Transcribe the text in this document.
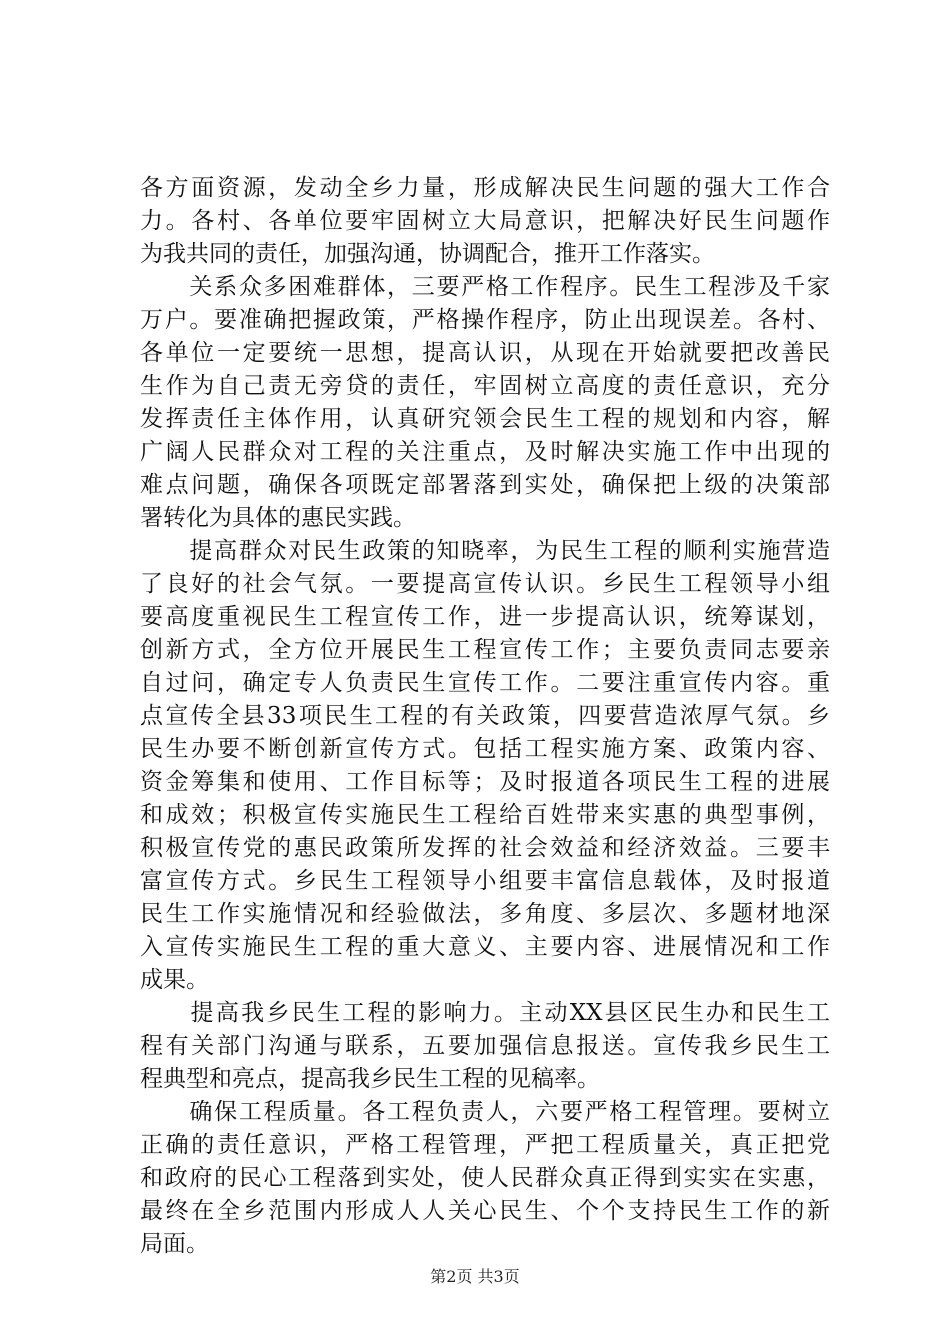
各方面资源，发动全乡力量，形成解决民生问题的强大工作合
力。各村、各单位要牢固树立大局意识，把解决好民生问题作
为我共同的责任，加强沟通，协调配合，推开工作落实。
　　关系众多困难群体，三要严格工作程序。民生工程涉及千家
万户。要准确把握政策，严格操作程序，防止出现误差。各村、
各单位一定要统一思想，提高认识，从现在开始就要把改善民
生作为自己责无旁贷的责任，牢固树立高度的责任意识，充分
发挥责任主体作用，认真研究领会民生工程的规划和内容，解
广阔人民群众对工程的关注重点，及时解决实施工作中出现的
难点问题，确保各项既定部署落到实处，确保把上级的决策部
署转化为具体的惠民实践。
　　提高群众对民生政策的知晓率，为民生工程的顺利实施营造
了良好的社会气氛。一要提高宣传认识。乡民生工程领导小组
要高度重视民生工程宣传工作，进一步提高认识，统筹谋划，
创新方式，全方位开展民生工程宣传工作；主要负责同志要亲
自过问，确定专人负责民生宣传工作。二要注重宣传内容。重
点宣传全县33项民生工程的有关政策，四要营造浓厚气氛。乡
民生办要不断创新宣传方式。包括工程实施方案、政策内容、
资金筹集和使用、工作目标等；及时报道各项民生工程的进展
和成效；积极宣传实施民生工程给百姓带来实惠的典型事例，
积极宣传党的惠民政策所发挥的社会效益和经济效益。三要丰
富宣传方式。乡民生工程领导小组要丰富信息载体，及时报道
民生工作实施情况和经验做法，多角度、多层次、多题材地深
入宣传实施民生工程的重大意义、主要内容、进展情况和工作
成果。
　　提高我乡民生工程的影响力。主动XX县区民生办和民生工
程有关部门沟通与联系，五要加强信息报送。宣传我乡民生工
程典型和亮点，提高我乡民生工程的见稿率。
　　确保工程质量。各工程负责人，六要严格工程管理。要树立
正确的责任意识，严格工程管理，严把工程质量关，真正把党
和政府的民心工程落到实处，使人民群众真正得到实实在实惠，
最终在全乡范围内形成人人关心民生、个个支持民生工作的新
局面。
第2页 共3页
